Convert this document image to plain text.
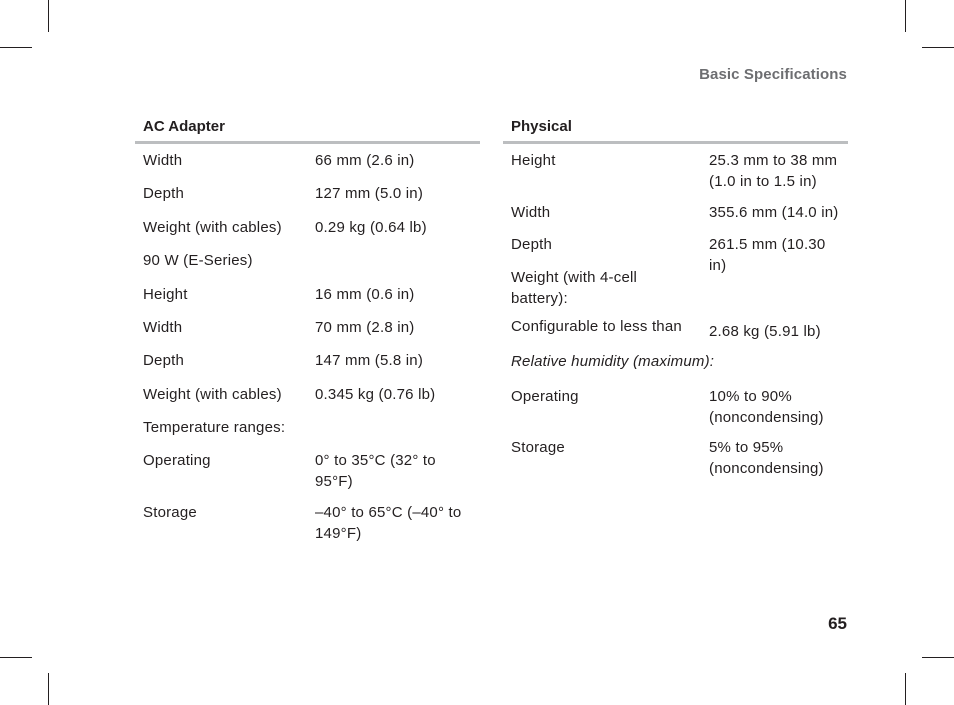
Basic Specifications
AC Adapter
Width	66 mm (2.6 in)
Depth	127 mm (5.0 in)
Weight (with cables) 0.29 kg (0.64 lb)
90 W (E-Series)
Height	16 mm (0.6 in)
Width	70 mm (2.8 in)
Depth	147 mm (5.8 in)
Weight (with cables) 0.345 kg (0.76 lb)
Temperature ranges:
Operating	0° to 35°C (32° to 95°F)
Storage	–40° to 65°C (–40° to 149°F)
Physical
Height	25.3 mm to 38 mm (1.0 in to 1.5 in)
Width	355.6 mm (14.0 in)
Depth	261.5 mm (10.30 in)
Weight (with 4-cell battery):
Configurable to less than 2.68 kg (5.91 lb)
Relative humidity (maximum):
Operating	10% to 90% (noncondensing)
Storage	5% to 95% (noncondensing)
65
